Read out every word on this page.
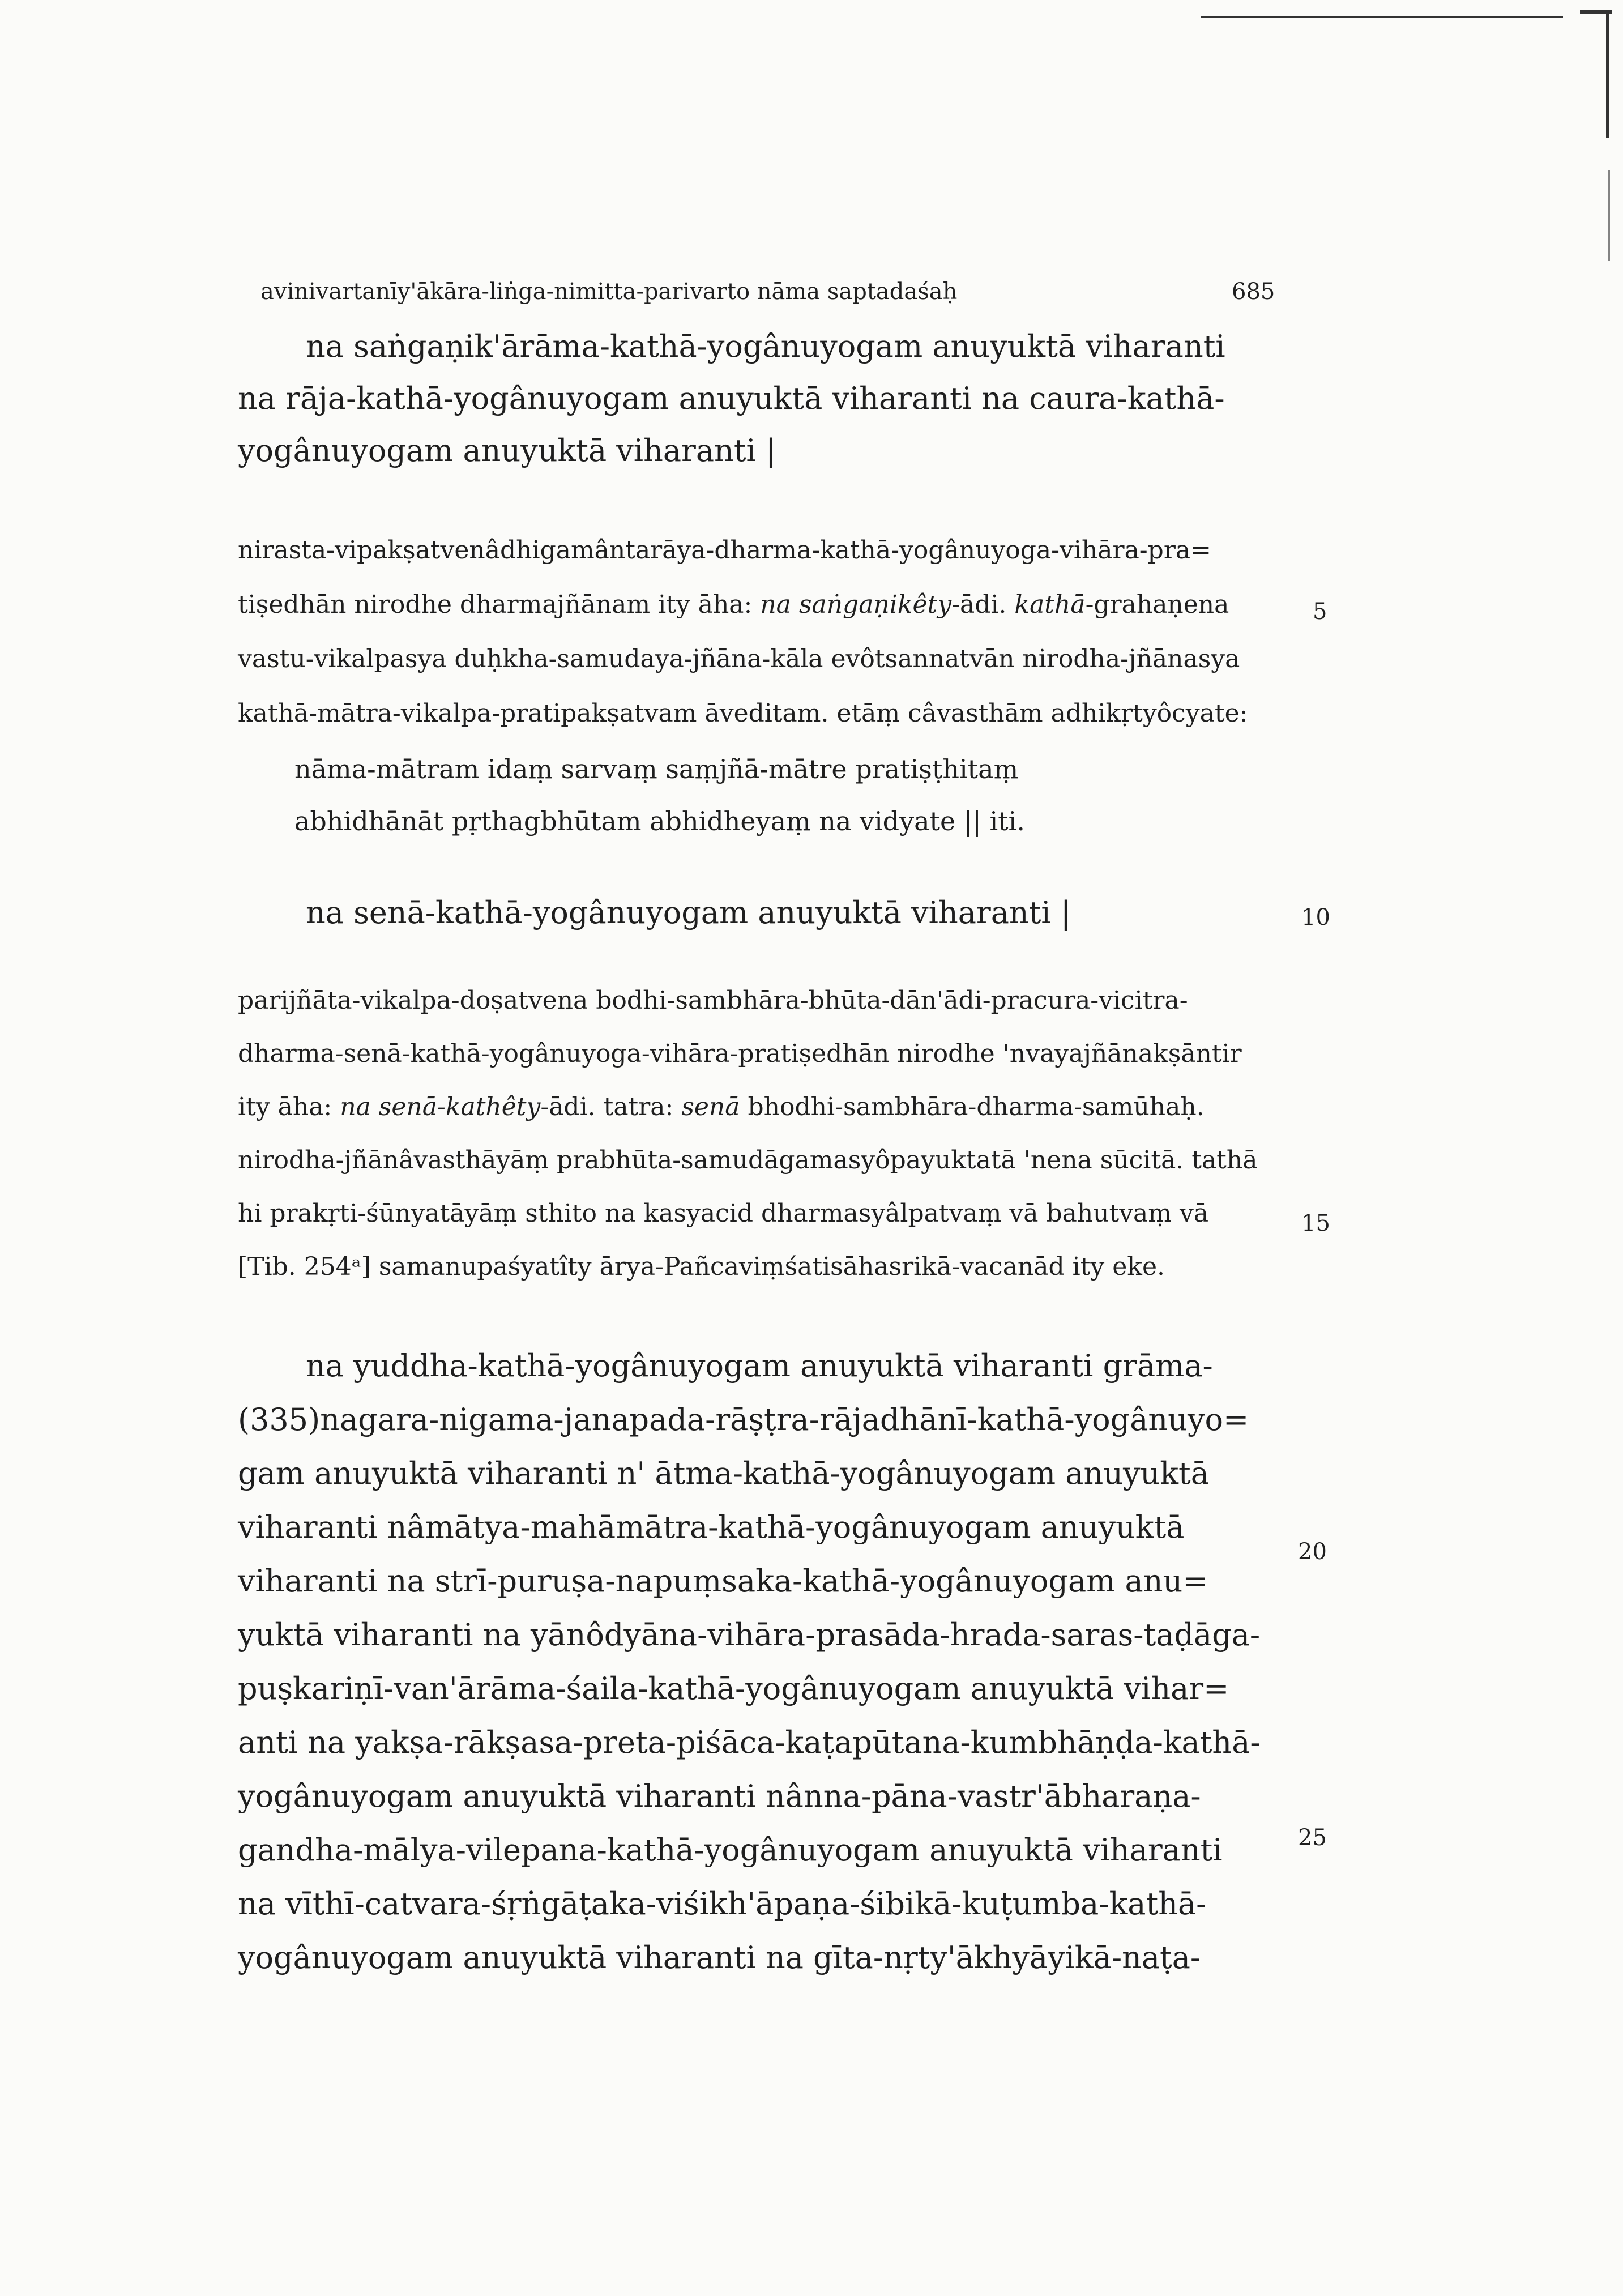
avinivartanīy'ākāra-liṅga-nimitta-parivarto nāma saptadaśaḥ	685
na saṅgaṇik'ārāma-kathā-yogânuyogam anuyuktā viharanti
na rāja-kathā-yogânuyogam anuyuktā viharanti na caura-kathā-
yogânuyogam anuyuktā viharanti |
nirasta-vipakṣatvenâdhigamântarāya-dharma-kathā-yogânuyoga-vihāra-pra=
tiṣedhān nirodhe dharmajñānam ity āha: na saṅgaṇikêty-ādi. kathā-grahaṇena
vastu-vikalpasya duḥkha-samudaya-jñāna-kāla evôtsannatvān nirodha-jñānasya
kathā-mātra-vikalpa-pratipakṣatvam āveditam. etāṃ câvasthām adhikṛtyôcyate:
nāma-mātram idaṃ sarvaṃ saṃjñā-mātre pratiṣṭhitaṃ
abhidhānāt pṛthagbhūtam abhidheyaṃ na vidyate || iti.
na senā-kathā-yogânuyogam anuyuktā viharanti |
parijñāta-vikalpa-doṣatvena bodhi-sambhāra-bhūta-dān'ādi-pracura-vicitra-
dharma-senā-kathā-yogânuyoga-vihāra-pratiṣedhān nirodhe 'nvayajñānakṣāntir
ity āha: na senā-kathêty-ādi. tatra: senā bhodhi-sambhāra-dharma-samūhaḥ.
nirodha-jñānâvasthāyāṃ prabhūta-samudāgamasyôpayuktatā 'nena sūcitā. tathā
hi prakṛti-śūnyatāyāṃ sthito na kasyacid dharmasyâlpatvaṃ vā bahutvaṃ vā
[Tib. 254ᵃ] samanupaśyatîty ārya-Pañcaviṃśatisāhasrikā-vacanād ity eke.
na yuddha-kathā-yogânuyogam anuyuktā viharanti grāma-
(335)nagara-nigama-janapada-rāṣṭra-rājadhānī-kathā-yogânuyo=
gam anuyuktā viharanti n' ātma-kathā-yogânuyogam anuyuktā
viharanti nâmātya-mahāmātra-kathā-yogânuyogam anuyuktā
viharanti na strī-puruṣa-napuṃsaka-kathā-yogânuyogam anu=
yuktā viharanti na yānôdyāna-vihāra-prasāda-hrada-saras-taḍāga-
puṣkariṇī-van'ārāma-śaila-kathā-yogânuyogam anuyuktā vihar=
anti na yakṣa-rākṣasa-preta-piśāca-kaṭapūtana-kumbhāṇḍa-kathā-
yogânuyogam anuyuktā viharanti nânna-pāna-vastr'ābharaṇa-
gandha-mālya-vilepana-kathā-yogânuyogam anuyuktā viharanti
na vīthī-catvara-śṛṅgāṭaka-viśikh'āpaṇa-śibikā-kuṭumba-kathā-
yogânuyogam anuyuktā viharanti na gīta-nṛty'ākhyāyikā-naṭa-
5
10
15
20
25
